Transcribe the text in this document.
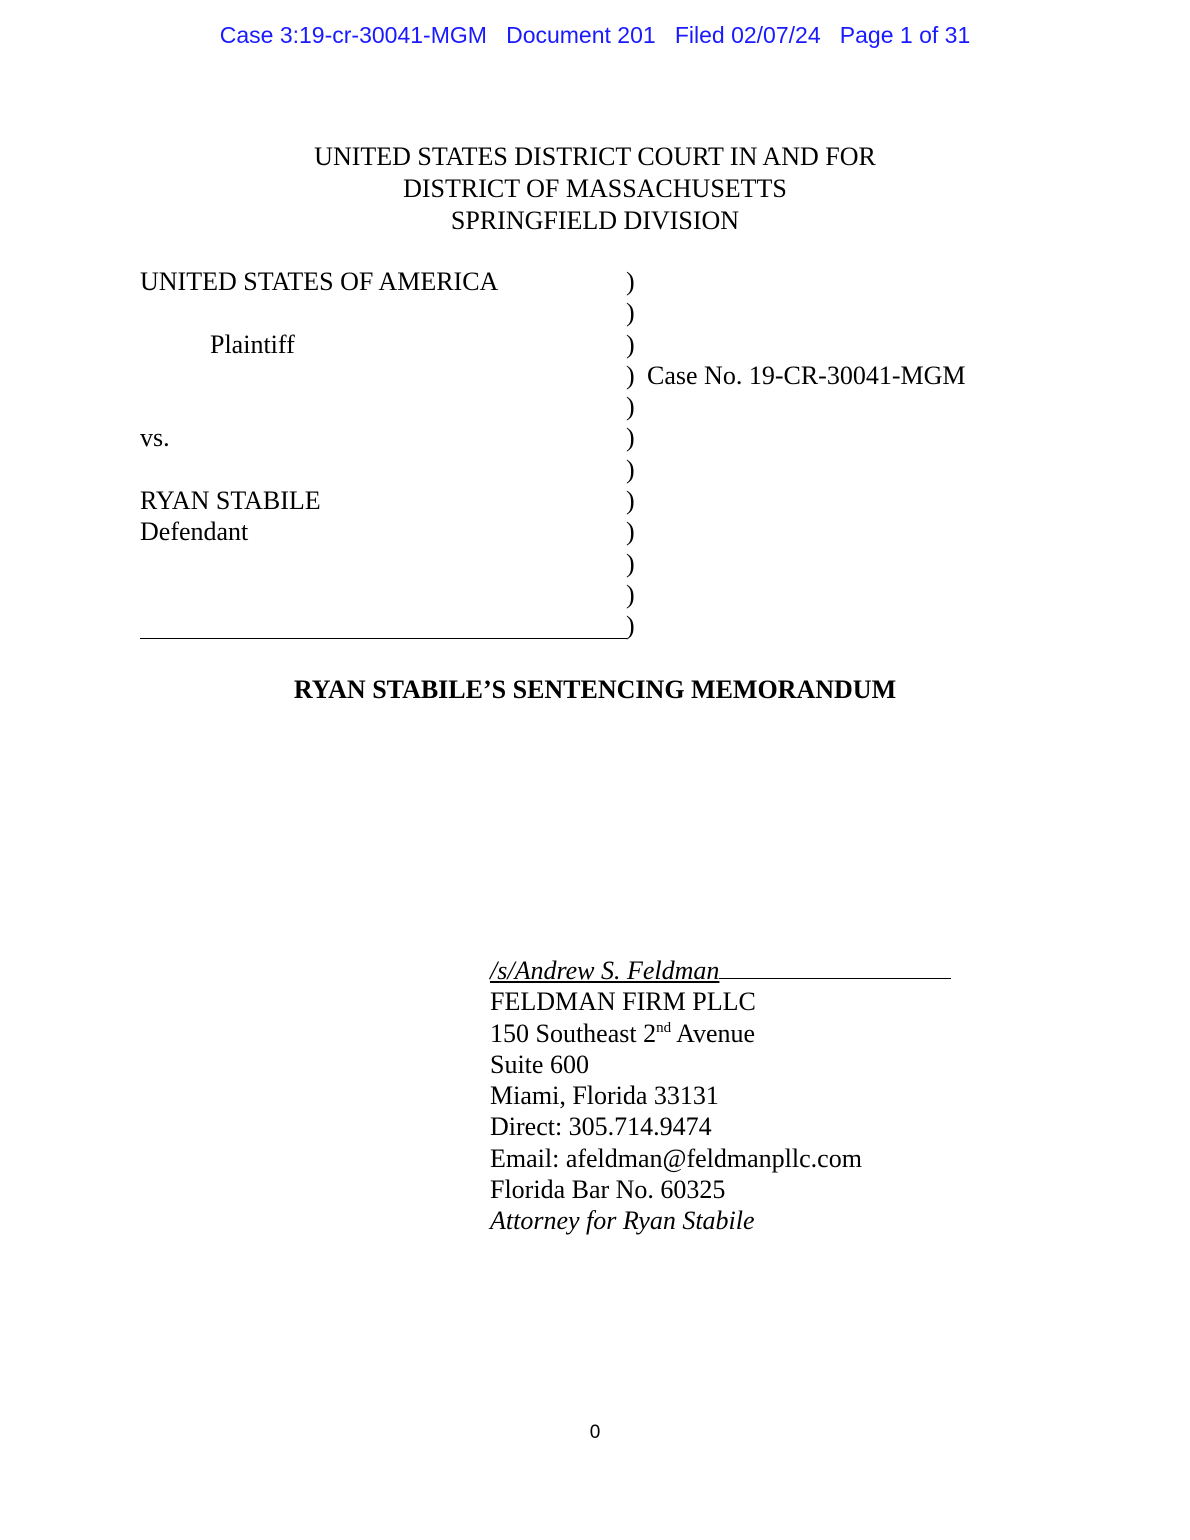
Case 3:19-cr-30041-MGM Document 201 Filed 02/07/24 Page 1 of 31
UNITED STATES DISTRICT COURT IN AND FOR
DISTRICT OF MASSACHUSETTS
SPRINGFIELD DIVISION
UNITED STATES OF AMERICA
Plaintiff
vs.
RYAN STABILE
Defendant
)
)
)
)
)
)
)
)
)
)
)
)
Case No. 19-CR-30041-MGM
RYAN STABILE’S SENTENCING MEMORANDUM
/s/Andrew S. Feldman
FELDMAN FIRM PLLC
150 Southeast 2nd Avenue
Suite 600
Miami, Florida 33131
Direct: 305.714.9474
Email: afeldman@feldmanpllc.com
Florida Bar No. 60325
Attorney for Ryan Stabile
0
